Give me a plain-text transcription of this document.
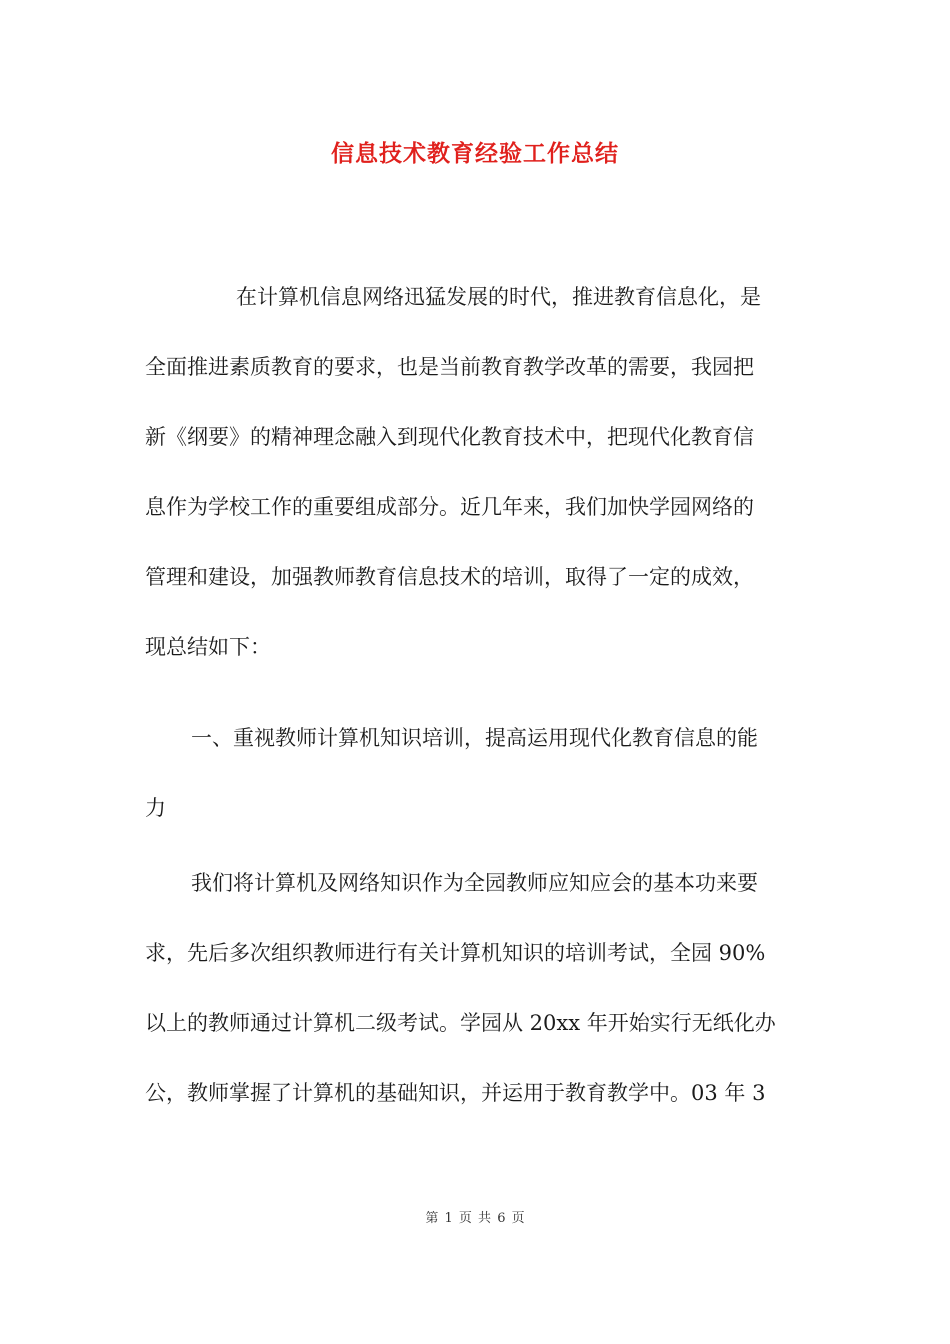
信息技术教育经验工作总结
在计算机信息网络迅猛发展的时代，推进教育信息化，是
全面推进素质教育的要求，也是当前教育教学改革的需要，我园把
新《纲要》的精神理念融入到现代化教育技术中，把现代化教育信
息作为学校工作的重要组成部分。近几年来，我们加快学园网络的
管理和建设，加强教师教育信息技术的培训，取得了一定的成效，
现总结如下：
一、重视教师计算机知识培训，提高运用现代化教育信息的能
力
我们将计算机及网络知识作为全园教师应知应会的基本功来要
求，先后多次组织教师进行有关计算机知识的培训考试，全园 90%
以上的教师通过计算机二级考试。学园从 20xx 年开始实行无纸化办
公，教师掌握了计算机的基础知识，并运用于教育教学中。03 年 3
第 1 页 共 6 页
